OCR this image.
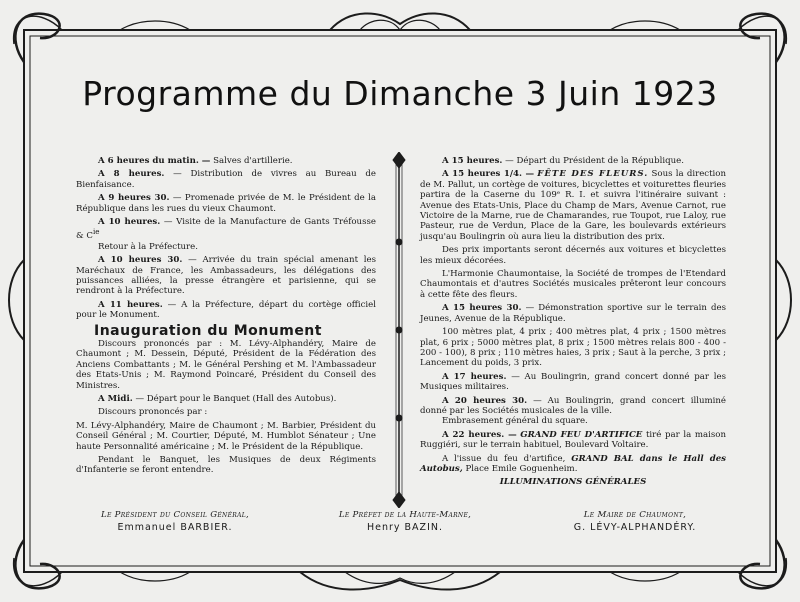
Programme du Dimanche 3 Juin 1923
A 6 heures du matin. — Salves d'artillerie.
A 8 heures. — Distribution de vivres au Bureau de Bienfaisance.
A 9 heures 30. — Promenade privée de M. le Président de la République dans les rues du vieux Chaumont.
A 10 heures. — Visite de la Manufacture de Gants Tréfousse & $C^{ie}$
Retour à la Préfecture.
A 10 heures 30. — Arrivée du train spécial amenant les Maréchaux de France, les Ambassadeurs, les délégations des puissances alliées, la presse étrangère et parisienne, qui se rendront à la Préfecture.
A 11 heures. — A la Préfecture, départ du cortège officiel pour le Monument.
Inauguration du Monument
Discours prononcés par : M. Lévy-Alphandéry, Maire de Chaumont ; M. Dessein, Député, Président de la Fédération des Anciens Combattants ; M. le Général Pershing et M. l'Ambassadeur des Etats-Unis ; M. Raymond Poincaré, Président du Conseil des Ministres.
A Midi. — Départ pour le Banquet (Hall des Autobus).
Discours prononcés par :
M. Lévy-Alphandéry, Maire de Chaumont ; M. Barbier, Président du Conseil Général ; M. Courtier, Député, M. Humblot Sénateur ; Une haute Personnalité américaine ; M. le Président de la République.
Pendant le Banquet, les Musiques de deux Régiments d'Infanterie se feront entendre.
A 15 heures. — Départ du Président de la République.
A 15 heures 1/4. — FÊTE DES FLEURS. Sous la direction de M. Pallut, un cortège de voitures, bicyclettes et voiturettes fleuries partira de la Caserne du 109ᵉ R. I. et suivra l'itinéraire suivant : Avenue des Etats-Unis, Place du Champ de Mars, Avenue Carnot, rue Victoire de la Marne, rue de Chamarandes, rue Toupot, rue Laloy, rue Pasteur, rue de Verdun, Place de la Gare, les boulevards extérieurs jusqu'au Boulingrin où aura lieu la distribution des prix.
Des prix importants seront décernés aux voitures et bicyclettes les mieux décorées.
L'Harmonie Chaumontaise, la Société de trompes de l'Etendard Chaumontais et d'autres Sociétés musicales prêteront leur concours à cette fête des fleurs.
A 15 heures 30. — Démonstration sportive sur le terrain des Jeunes, Avenue de la République.
100 mètres plat, 4 prix ; 400 mètres plat, 4 prix ; 1500 mètres plat, 6 prix ; 5000 mètres plat, 8 prix ; 1500 mètres relais 800 - 400 - 200 - 100), 8 prix ; 110 mètres haies, 3 prix ; Saut à la perche, 3 prix ; Lancement du poids, 3 prix.
A 17 heures. — Au Boulingrin, grand concert donné par les Musiques militaires.
A 20 heures 30. — Au Boulingrin, grand concert illuminé donné par les Sociétés musicales de la ville.
Embrasement général du square.
A 22 heures. — GRAND FEU D'ARTIFICE tiré par la maison Ruggiéri, sur le terrain habituel, Boulevard Voltaire.
A l'issue du feu d'artifice, GRAND BAL dans le Hall des Autobus, Place Emile Goguenheim.
ILLUMINATIONS GÉNÉRALES
Le Président du Conseil Général,
Emmanuel BARBIER.
Le Préfet de la Haute-Marne,
Henry BAZIN.
Le Maire de Chaumont,
G. LÉVY-ALPHANDÉRY.
